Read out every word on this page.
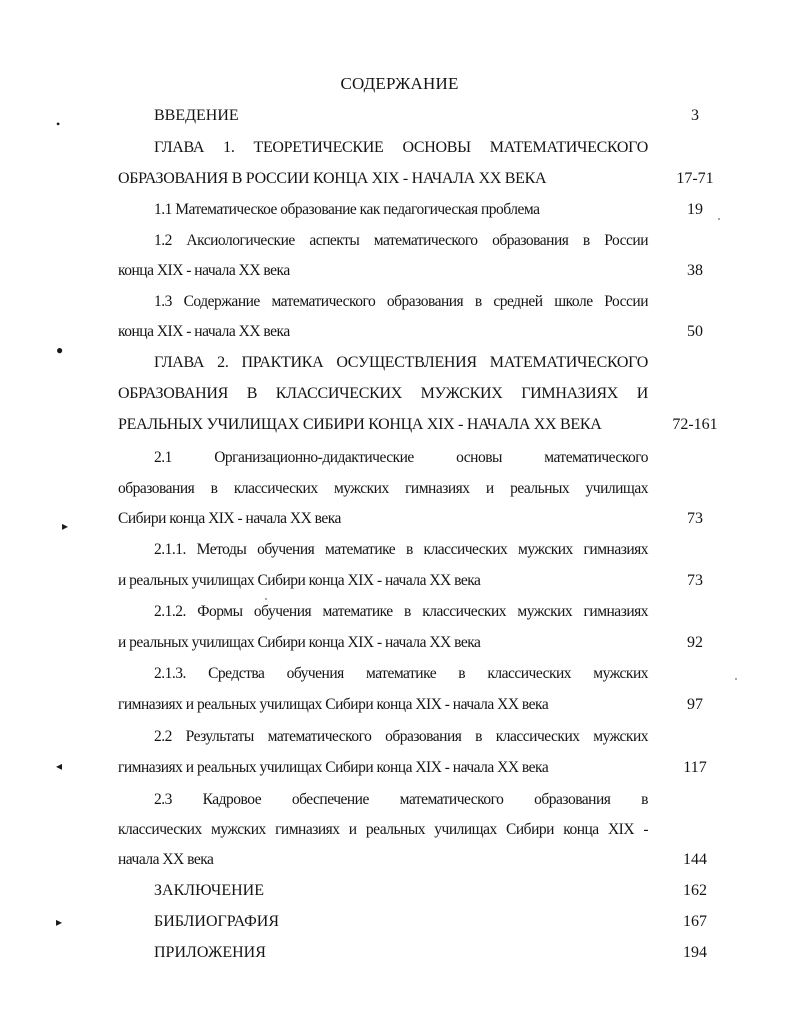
СОДЕРЖАНИЕ
ВВЕДЕНИЕ	3
ГЛАВА 1. ТЕОРЕТИЧЕСКИЕ ОСНОВЫ МАТЕМАТИЧЕСКОГО
ОБРАЗОВАНИЯ В РОССИИ КОНЦА XIX - НАЧАЛА XX ВЕКА	17-71
1.1 Математическое образование как педагогическая проблема	19
1.2 Аксиологические аспекты математического образования в России
конца XIX - начала XX века	38
1.3 Содержание математического образования в средней школе России
конца XIX - начала XX века	50
ГЛАВА 2. ПРАКТИКА ОСУЩЕСТВЛЕНИЯ МАТЕМАТИЧЕСКОГО
ОБРАЗОВАНИЯ В КЛАССИЧЕСКИХ МУЖСКИХ ГИМНАЗИЯХ И
РЕАЛЬНЫХ УЧИЛИЩАХ СИБИРИ КОНЦА XIX - НАЧАЛА XX ВЕКА	72-161
2.1 Организационно-дидактические основы математического
образования в классических мужских гимназиях и реальных училищах
Сибири конца XIX - начала XX века	73
2.1.1. Методы обучения математике в классических мужских гимназиях
и реальных училищах Сибири конца XIX - начала XX века	73
2.1.2. Формы обучения математике в классических мужских гимназиях
и реальных училищах Сибири конца XIX - начала XX века	92
2.1.3. Средства обучения математике в классических мужских
гимназиях и реальных училищах Сибири конца XIX - начала XX века	97
2.2 Результаты математического образования в классических мужских
гимназиях и реальных училищах Сибири конца XIX - начала XX века	117
2.3 Кадровое обеспечение математического образования в
классических мужских гимназиях и реальных училищах Сибири конца XIX -
начала XX века	144
ЗАКЛЮЧЕНИЕ	162
БИБЛИОГРАФИЯ	167
ПРИЛОЖЕНИЯ	194
•
●
▸
◂
▸
